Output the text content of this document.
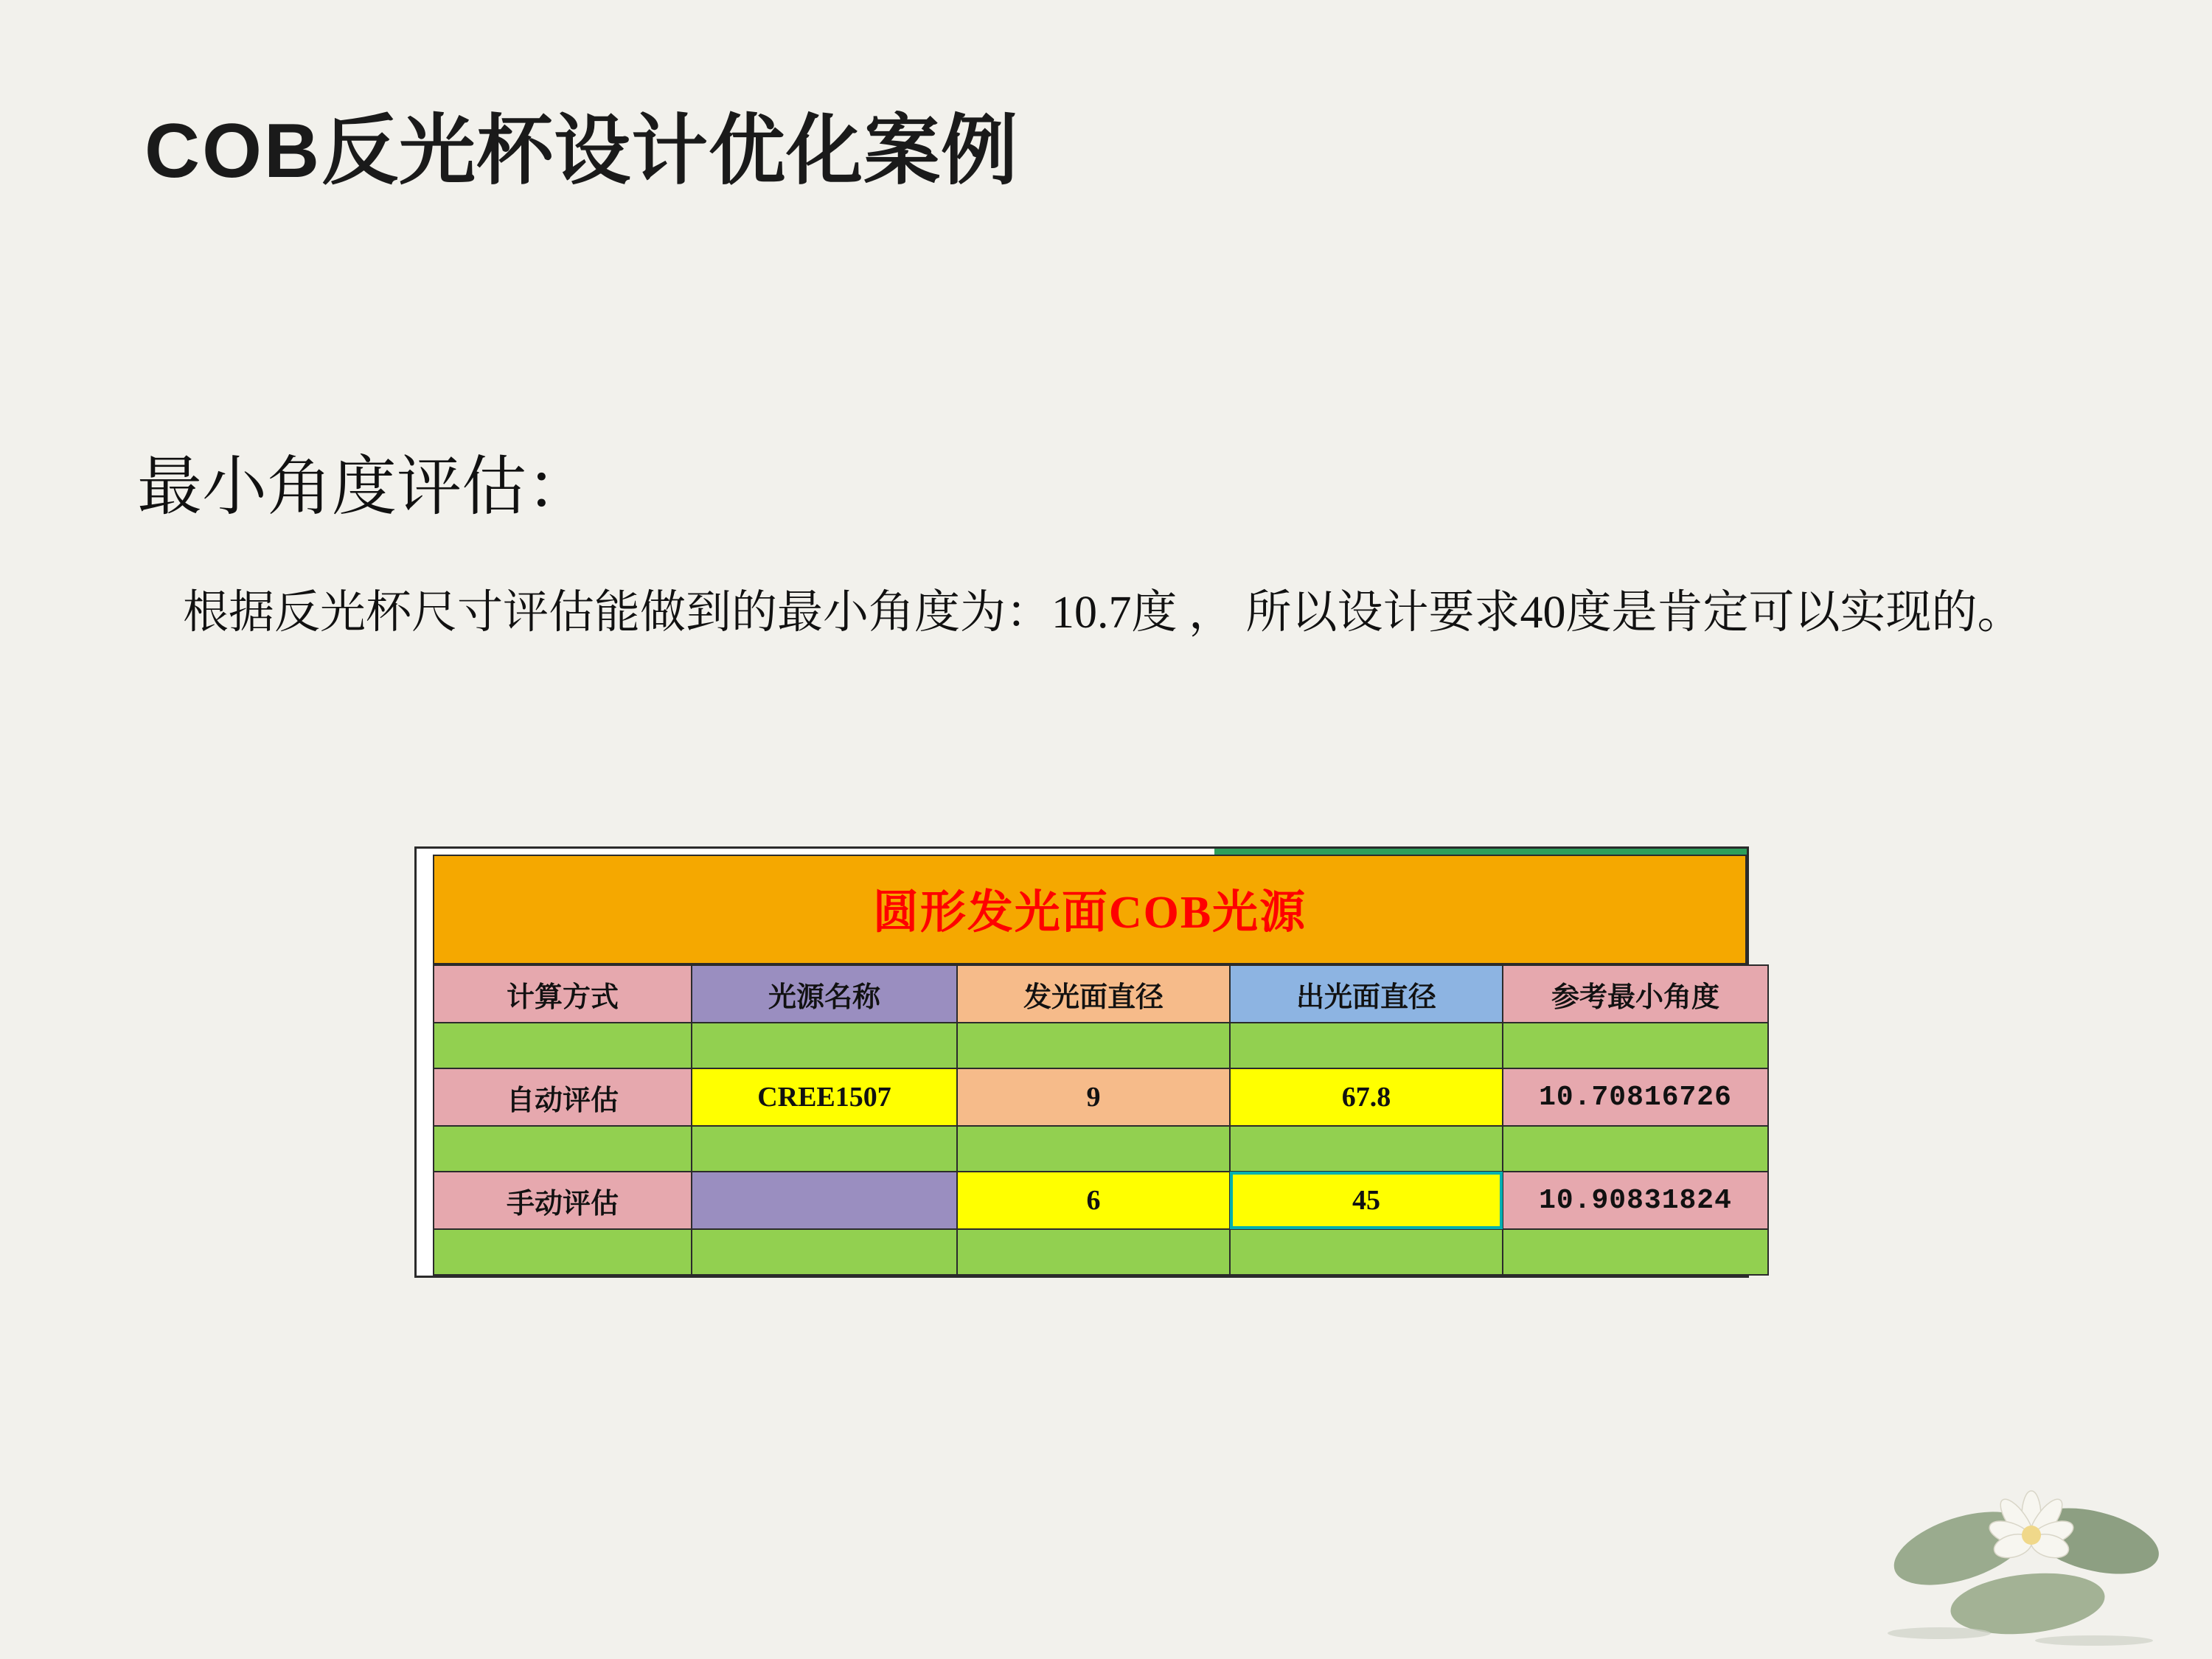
COB反光杯设计优化案例
最小角度评估：
根据反光杯尺寸评估能做到的最小角度为：10.7度 ， 所以设计要求40度是肯定可以实现的。
圆形发光面COB光源
计算方式	光源名称	发光面直径	出光面直径	参考最小角度

自动评估	CREE1507	9	67.8	10.70816726

手动评估		6	45	10.90831824
